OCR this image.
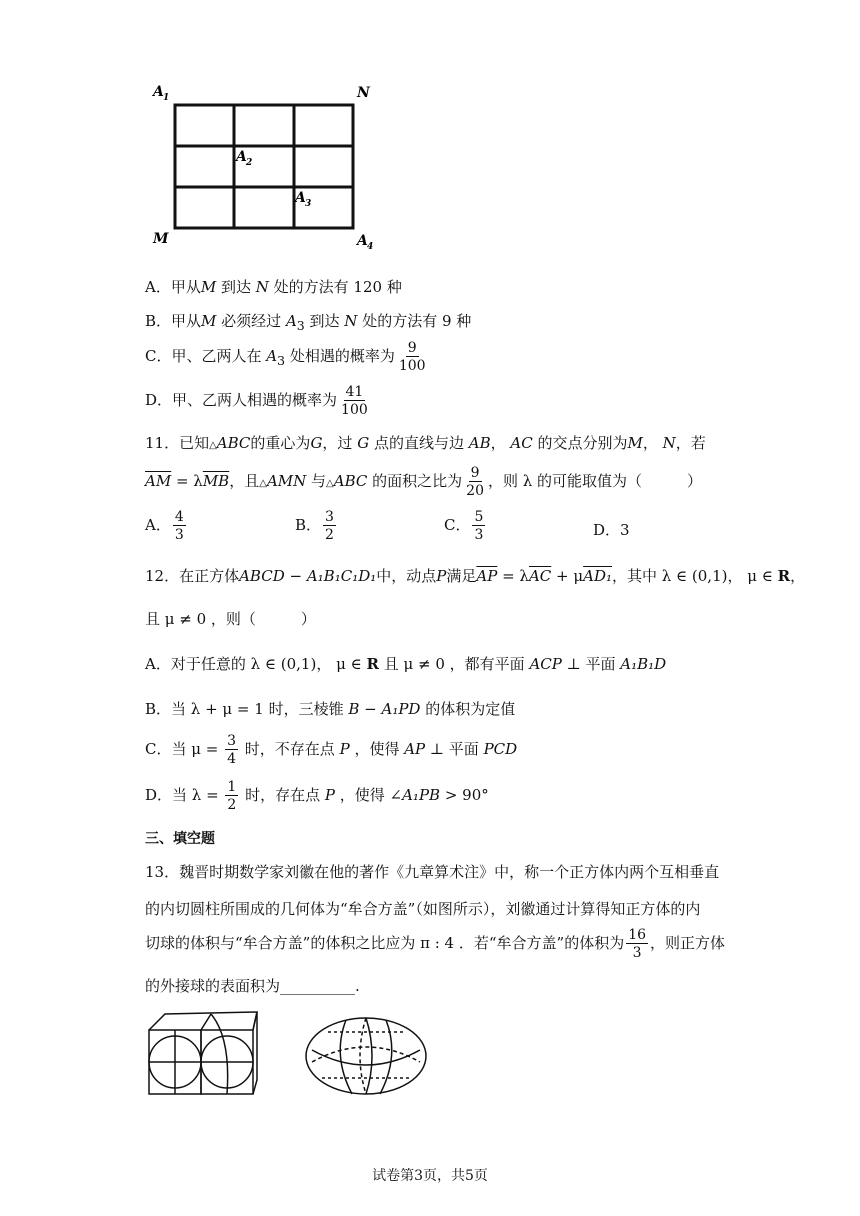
A 1	N
A 2
A 3
M	A 4
A．甲从M 到达 N 处的方法有 120 种
B．甲从M 必须经过 $A_3$ 到达 N 处的方法有 9 种
C．甲、乙两人在 $A_3$ 处相遇的概率为 $\frac{9}{100}$
D．甲、乙两人相遇的概率为 $\frac{41}{100}$
11．已知△ABC的重心为G，过 G 点的直线与边 AB， AC 的交点分别为M， N，若
$\overline{AM} = \lambda\overline{MB}$，且△AMN 与△ABC 的面积之比为 $\frac{9}{20}$ ，则 λ 的可能取值为（　　　）
A． $\frac{4}{3}$	B． $\frac{3}{2}$	C． $\frac{5}{3}$	D．3
12．在正方体ABCD − A₁B₁C₁D₁中，动点P满足$\overline{AP} = \lambda\overline{AC} + \mu AD_1$，其中 λ ∈ (0,1)， μ ∈ R，
且 μ ≠ 0 ，则（　　　）
A．对于任意的 λ ∈ (0,1)， μ ∈ R 且 μ ≠ 0 ，都有平面 ACP ⊥ 平面 A₁B₁D
B．当 λ + μ = 1 时，三棱锥 B − A₁PD 的体积为定值
C．当 $\mu = \frac{3}{4}$ 时，不存在点 P ，使得 AP ⊥ 平面 PCD
D．当 $\lambda = \frac{1}{2}$ 时，存在点 P ，使得 ∠A₁PB > 90°
三、填空题
13．魏晋时期数学家刘徽在他的著作《九章算术注》中，称一个正方体内两个互相垂直
的内切圆柱所围成的几何体为“牟合方盖”（如图所示），刘徽通过计算得知正方体的内
切球的体积与“牟合方盖”的体积之比应为 π : 4 ．若“牟合方盖”的体积为 $\frac{16}{3}$ ，则正方体
的外接球的表面积为__________.
试卷第3页，共5页
